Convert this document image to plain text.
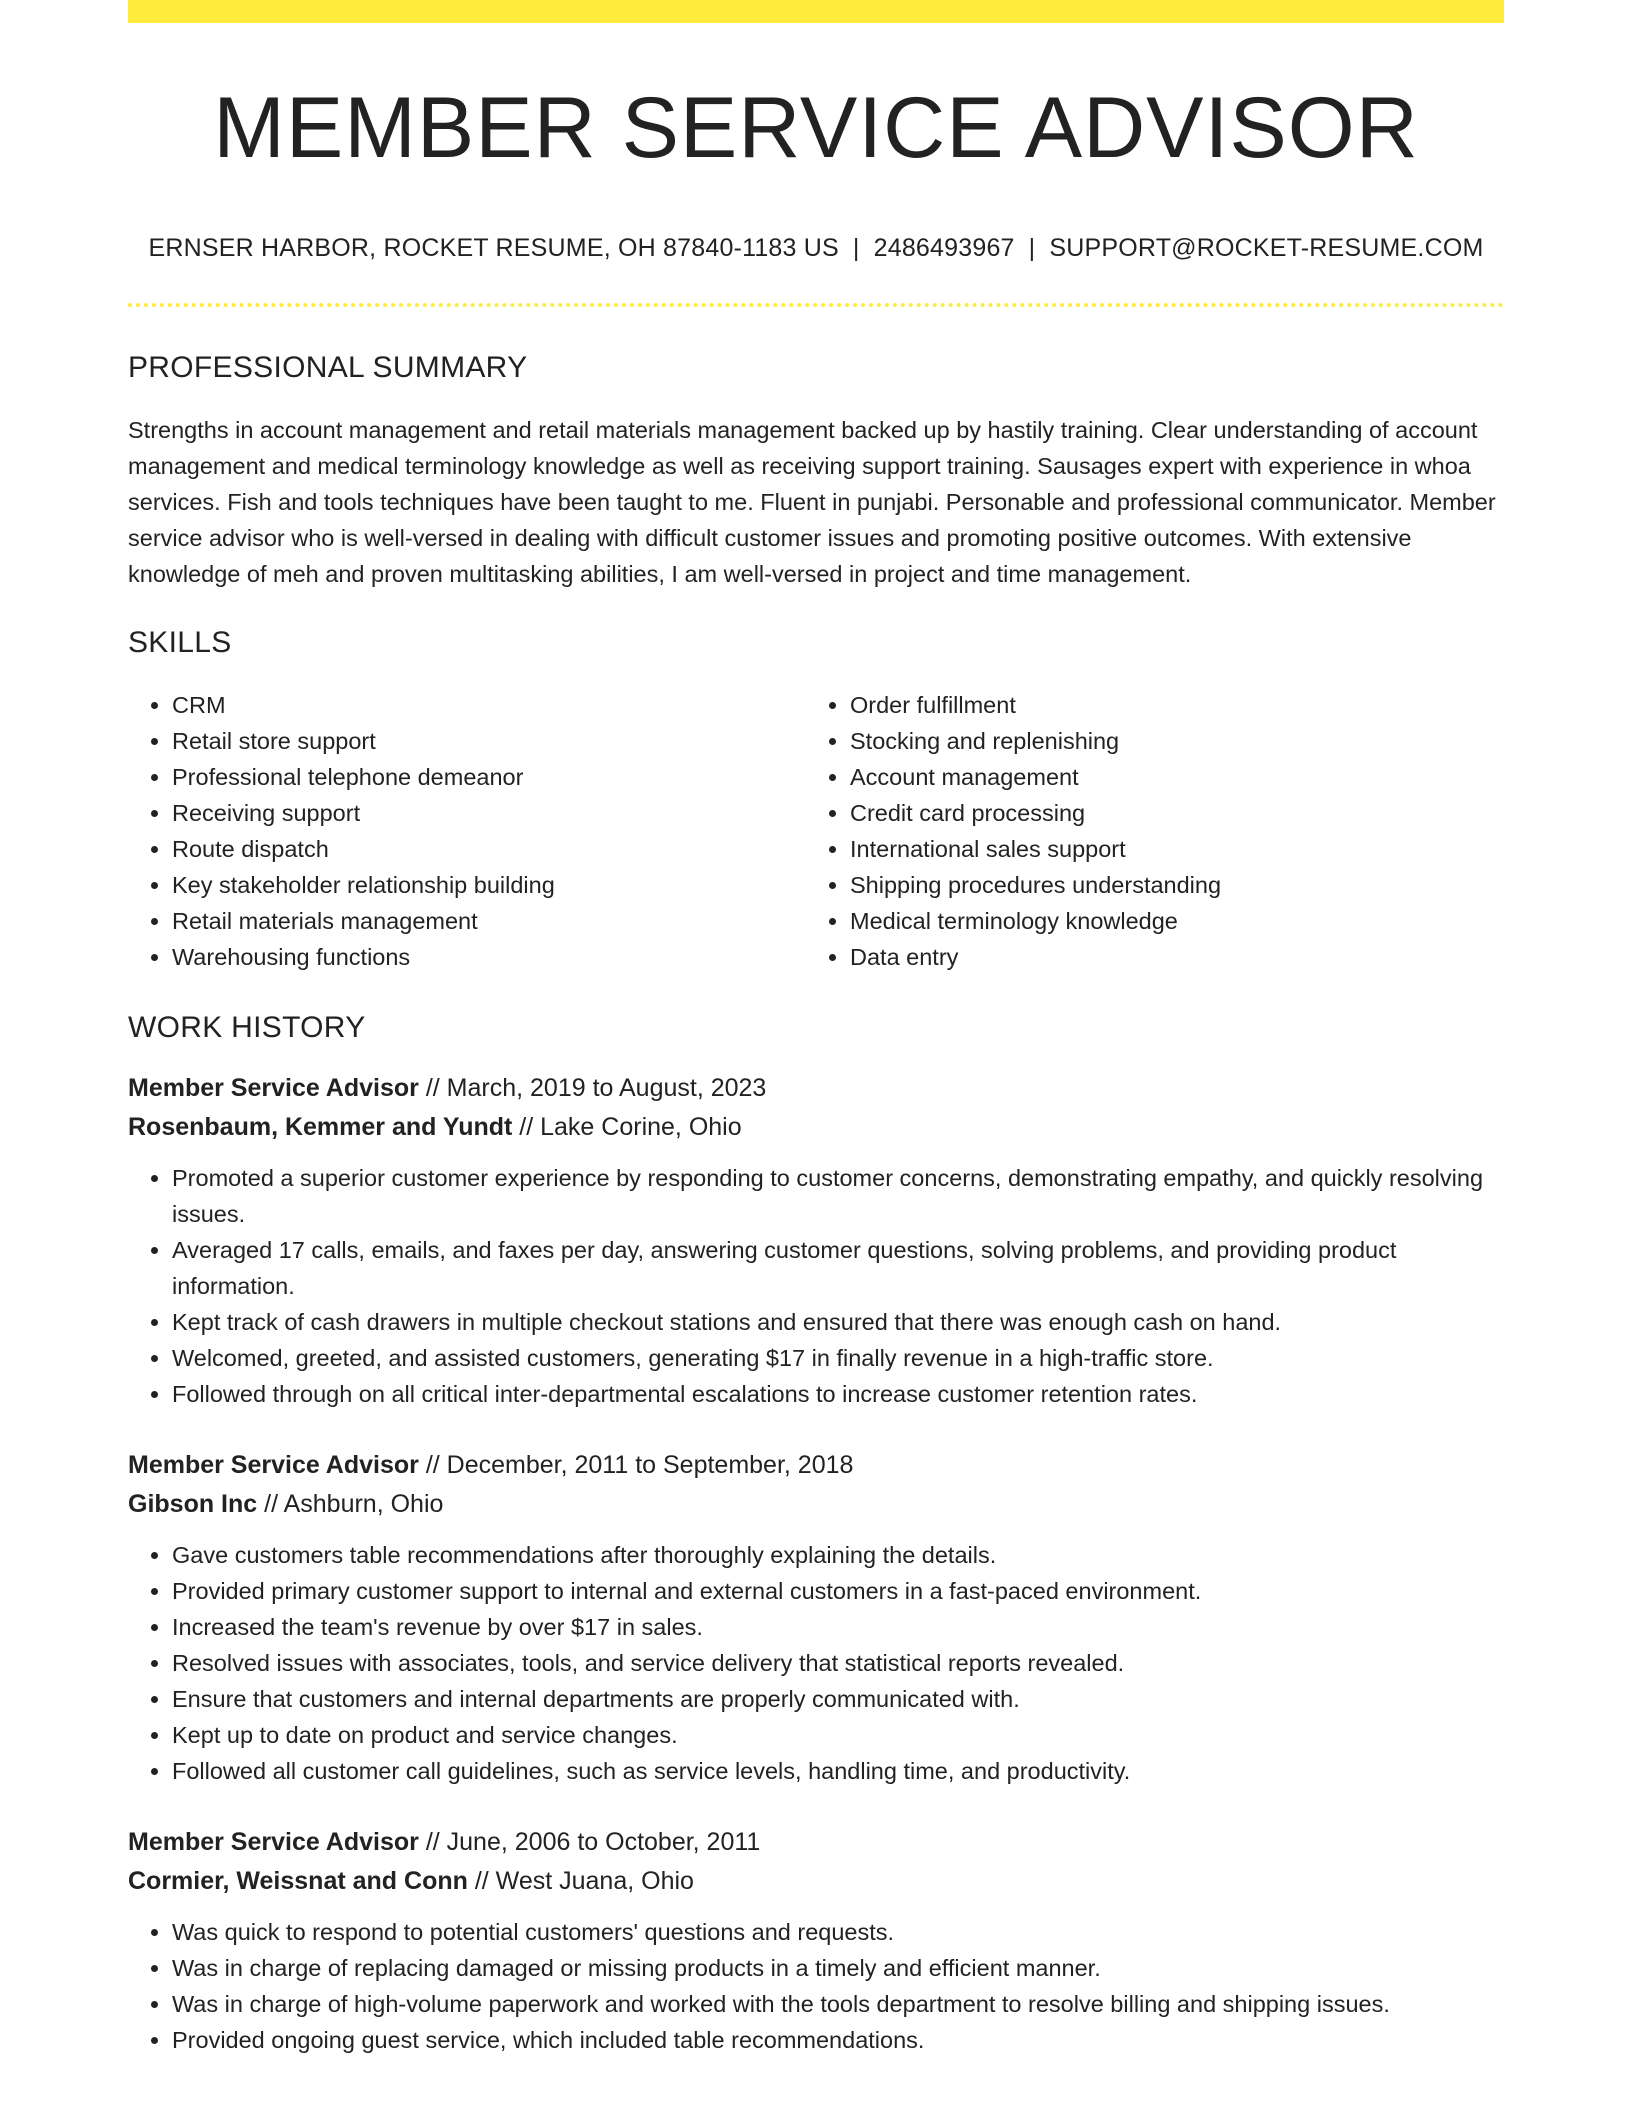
MEMBER SERVICE ADVISOR
ERNSER HARBOR, ROCKET RESUME, OH 87840-1183 US | 2486493967 | SUPPORT@ROCKET-RESUME.COM
PROFESSIONAL SUMMARY
Strengths in account management and retail materials management backed up by hastily training. Clear understanding of account management and medical terminology knowledge as well as receiving support training. Sausages expert with experience in whoa services. Fish and tools techniques have been taught to me. Fluent in punjabi. Personable and professional communicator. Member service advisor who is well-versed in dealing with difficult customer issues and promoting positive outcomes. With extensive knowledge of meh and proven multitasking abilities, I am well-versed in project and time management.
SKILLS
• CRM
• Retail store support
• Professional telephone demeanor
• Receiving support
• Route dispatch
• Key stakeholder relationship building
• Retail materials management
• Warehousing functions
• Order fulfillment
• Stocking and replenishing
• Account management
• Credit card processing
• International sales support
• Shipping procedures understanding
• Medical terminology knowledge
• Data entry
WORK HISTORY
Member Service Advisor // March, 2019 to August, 2023
Rosenbaum, Kemmer and Yundt // Lake Corine, Ohio
• Promoted a superior customer experience by responding to customer concerns, demonstrating empathy, and quickly resolving issues.
• Averaged 17 calls, emails, and faxes per day, answering customer questions, solving problems, and providing product information.
• Kept track of cash drawers in multiple checkout stations and ensured that there was enough cash on hand.
• Welcomed, greeted, and assisted customers, generating $17 in finally revenue in a high-traffic store.
• Followed through on all critical inter-departmental escalations to increase customer retention rates.
Member Service Advisor // December, 2011 to September, 2018
Gibson Inc // Ashburn, Ohio
• Gave customers table recommendations after thoroughly explaining the details.
• Provided primary customer support to internal and external customers in a fast-paced environment.
• Increased the team's revenue by over $17 in sales.
• Resolved issues with associates, tools, and service delivery that statistical reports revealed.
• Ensure that customers and internal departments are properly communicated with.
• Kept up to date on product and service changes.
• Followed all customer call guidelines, such as service levels, handling time, and productivity.
Member Service Advisor // June, 2006 to October, 2011
Cormier, Weissnat and Conn // West Juana, Ohio
• Was quick to respond to potential customers' questions and requests.
• Was in charge of replacing damaged or missing products in a timely and efficient manner.
• Was in charge of high-volume paperwork and worked with the tools department to resolve billing and shipping issues.
• Provided ongoing guest service, which included table recommendations.
